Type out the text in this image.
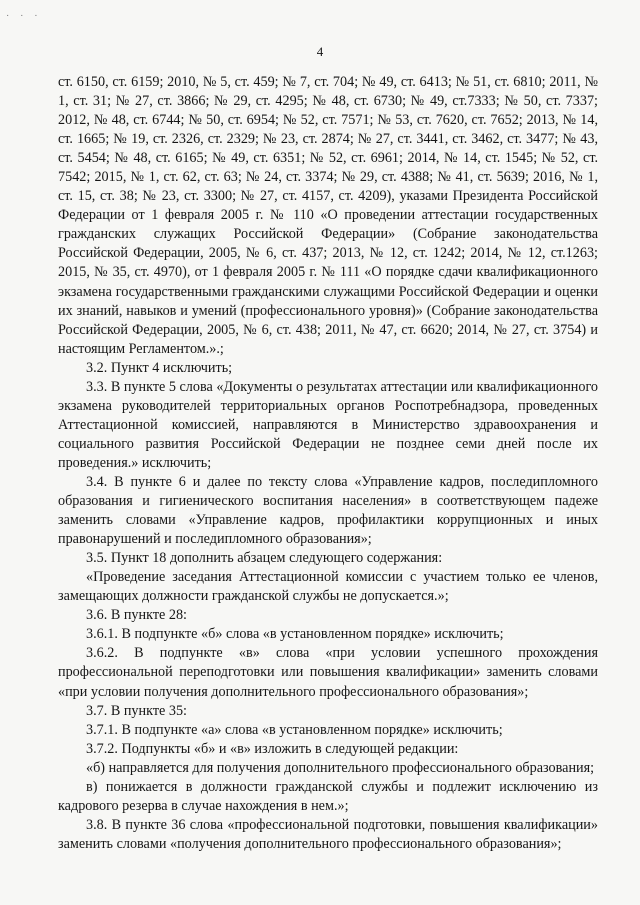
· · ·
4

ст. 6150, ст. 6159; 2010, № 5, ст. 459; № 7, ст. 704; № 49, ст. 6413; № 51, ст. 6810; 2011, № 1, ст. 31; № 27, ст. 3866; № 29, ст. 4295; № 48, ст. 6730; № 49, ст.7333; № 50, ст. 7337; 2012, № 48, ст. 6744; № 50, ст. 6954; № 52, ст. 7571; № 53, ст. 7620, ст. 7652; 2013, № 14, ст. 1665; № 19, ст. 2326, ст. 2329; № 23, ст. 2874; № 27, ст. 3441, ст. 3462, ст. 3477; № 43, ст. 5454; № 48, ст. 6165; № 49, ст. 6351; № 52, ст. 6961; 2014, № 14, ст. 1545; № 52, ст. 7542; 2015, № 1, ст. 62, ст. 63; № 24, ст. 3374; № 29, ст. 4388; № 41, ст. 5639; 2016, № 1, ст. 15, ст. 38; № 23, ст. 3300; № 27, ст. 4157, ст. 4209), указами Президента Российской Федерации от 1 февраля 2005 г. № 110 «О проведении аттестации государственных гражданских служащих Российской Федерации» (Собрание законодательства Российской Федерации, 2005, № 6, ст. 437; 2013, № 12, ст. 1242; 2014, № 12, ст.1263; 2015, № 35, ст. 4970), от 1 февраля 2005 г. № 111 «О порядке сдачи квалификационного экзамена государственными гражданскими служащими Российской Федерации и оценки их знаний, навыков и умений (профессионального уровня)» (Собрание законодательства Российской Федерации, 2005, № 6, ст. 438; 2011, № 47, ст. 6620; 2014, № 27, ст. 3754) и настоящим Регламентом.».;

3.2. Пункт 4 исключить;

3.3. В пункте 5 слова «Документы о результатах аттестации или квалификационного экзамена руководителей территориальных органов Роспотребнадзора, проведенных Аттестационной комиссией, направляются в Министерство здравоохранения и социального развития Российской Федерации не позднее семи дней после их проведения.» исключить;

3.4. В пункте 6 и далее по тексту слова «Управление кадров, последипломного образования и гигиенического воспитания населения» в соответствующем падеже заменить словами «Управление кадров, профилактики коррупционных и иных правонарушений и последипломного образования»;

3.5. Пункт 18 дополнить абзацем следующего содержания:

«Проведение заседания Аттестационной комиссии с участием только ее членов, замещающих должности гражданской службы не допускается.»;

3.6. В пункте 28:

3.6.1. В подпункте «б» слова «в установленном порядке» исключить;

3.6.2. В подпункте «в» слова «при условии успешного прохождения профессиональной переподготовки или повышения квалификации» заменить словами «при условии получения дополнительного профессионального образования»;

3.7. В пункте 35:

3.7.1. В подпункте «а» слова «в установленном порядке» исключить;

3.7.2. Подпункты «б» и «в» изложить в следующей редакции:

«б) направляется для получения дополнительного профессионального образования;

в) понижается в должности гражданской службы и подлежит исключению из кадрового резерва в случае нахождения в нем.»;

3.8. В пункте 36 слова «профессиональной подготовки, повышения квалификации» заменить словами «получения дополнительного профессионального образования»;
